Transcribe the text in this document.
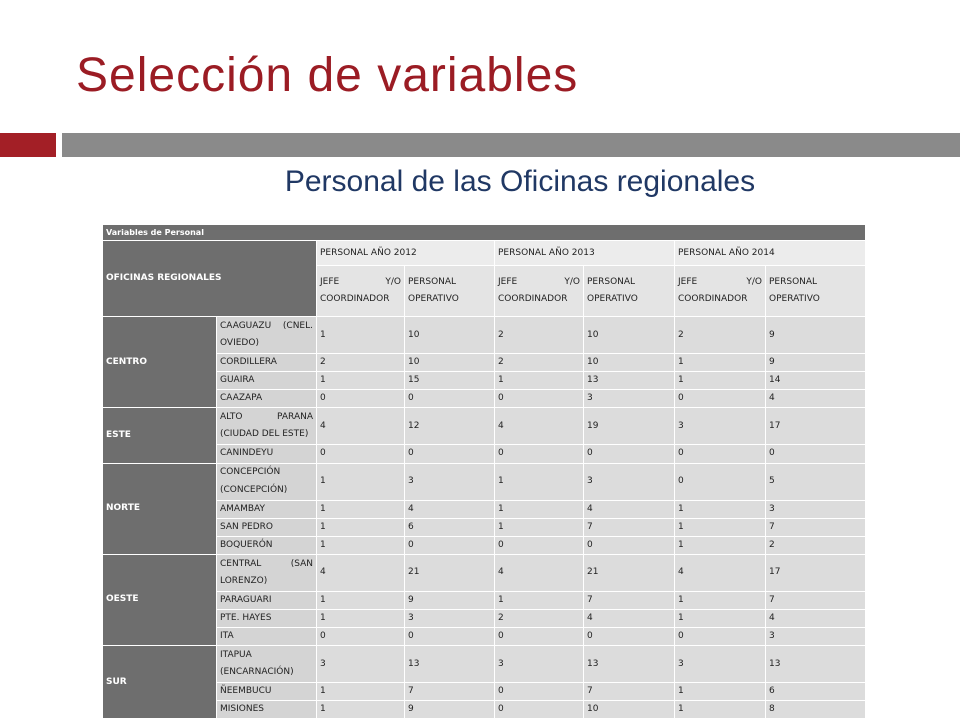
Selección de variables
Personal de las Oficinas regionales
Variables de Personal							
OFICINAS REGIONALES		PERSONAL AÑO 2012		PERSONAL AÑO 2013		PERSONAL AÑO 2014	
		JEFE Y/O COORDINADOR	PERSONAL OPERATIVO	JEFE Y/O COORDINADOR	PERSONAL OPERATIVO	JEFE Y/O COORDINADOR	PERSONAL OPERATIVO
CENTRO	CAAGUAZU (CNEL. OVIEDO)	1	10	2	10	2	9
	CORDILLERA	2	10	2	10	1	9
	GUAIRA	1	15	1	13	1	14
	CAAZAPA	0	0	0	3	0	4
ESTE	ALTO PARANA (CIUDAD DEL ESTE)	4	12	4	19	3	17
	CANINDEYU	0	0	0	0	0	0
NORTE	CONCEPCIÓN (CONCEPCIÓN)	1	3	1	3	0	5
	AMAMBAY	1	4	1	4	1	3
	SAN PEDRO	1	6	1	7	1	7
	BOQUERÓN	1	0	0	0	1	2
OESTE	CENTRAL (SAN LORENZO)	4	21	4	21	4	17
	PARAGUARI	1	9	1	7	1	7
	PTE. HAYES	1	3	2	4	1	4
	ITA	0	0	0	0	0	3
SUR	ITAPUA (ENCARNACIÓN)	3	13	3	13	3	13
	ÑEEMBUCU	1	7	0	7	1	6
	MISIONES	1	9	0	10	1	8
